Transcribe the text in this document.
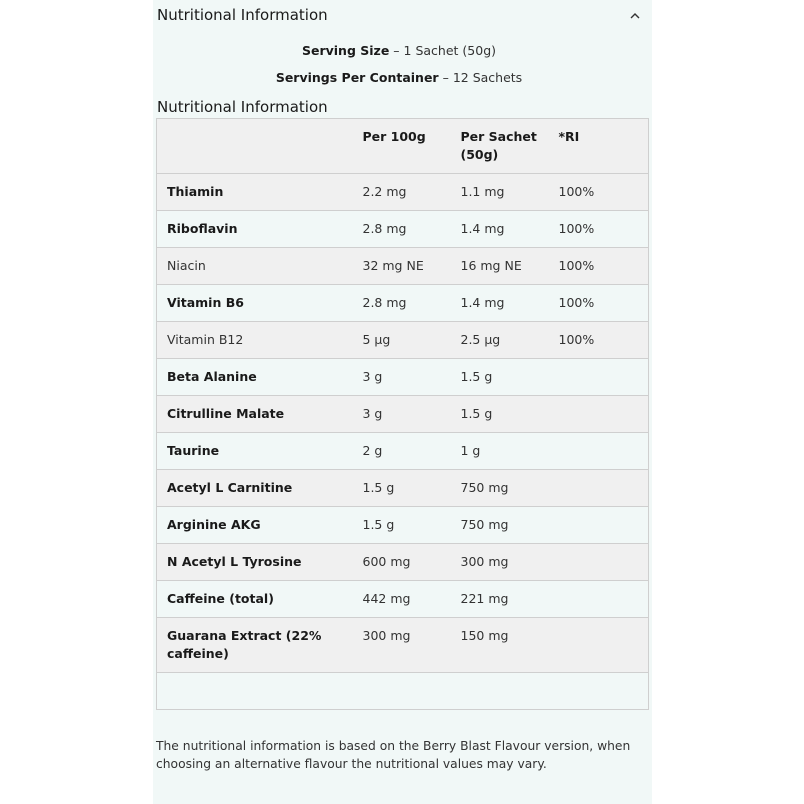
Nutritional Information
Serving Size – 1 Sachet (50g)
Servings Per Container – 12 Sachets
Nutritional Information
	Per 100g	Per Sachet (50g)	*RI
Thiamin	2.2 mg	1.1 mg	100%
Riboflavin	2.8 mg	1.4 mg	100%
Niacin	32 mg NE	16 mg NE	100%
Vitamin B6	2.8 mg	1.4 mg	100%
Vitamin B12	5 µg	2.5 µg	100%
Beta Alanine	3 g	1.5 g	
Citrulline Malate	3 g	1.5 g	
Taurine	2 g	1 g	
Acetyl L Carnitine	1.5 g	750 mg	
Arginine AKG	1.5 g	750 mg	
N Acetyl L Tyrosine	600 mg	300 mg	
Caffeine (total)	442 mg	221 mg	
Guarana Extract (22% caffeine)	300 mg	150 mg	

The nutritional information is based on the Berry Blast Flavour version, when choosing an alternative flavour the nutritional values may vary.
